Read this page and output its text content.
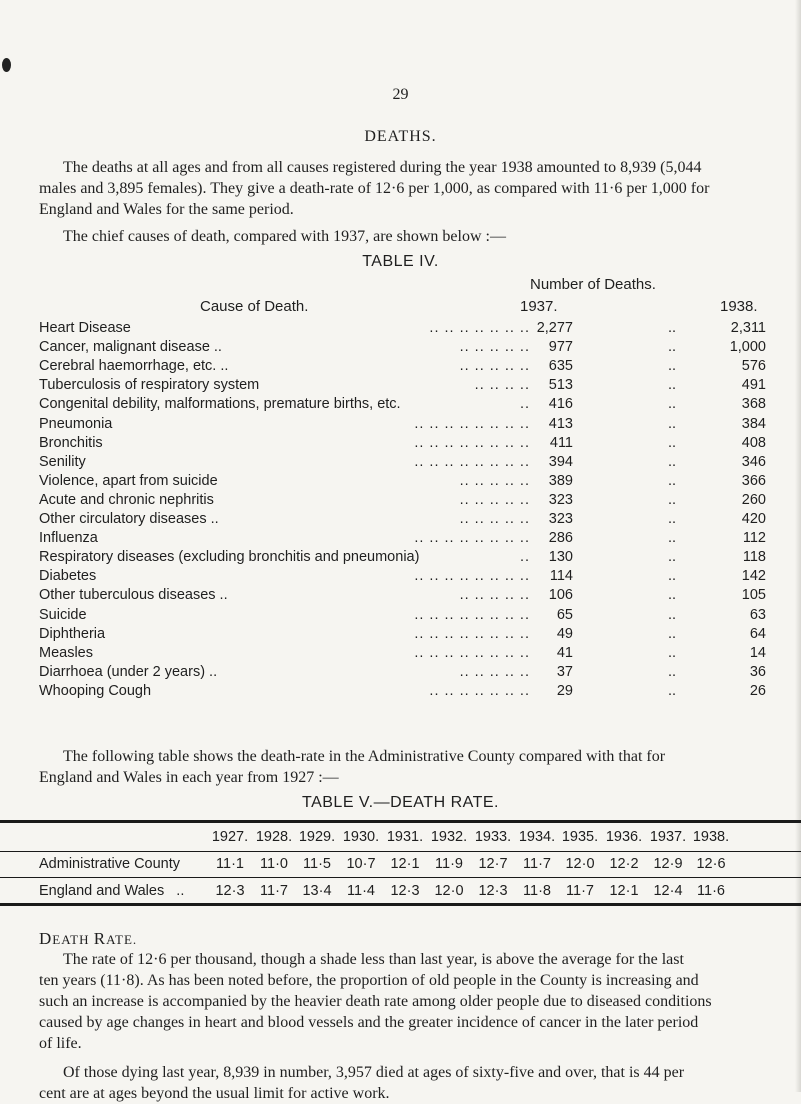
29
DEATHS.
The deaths at all ages and from all causes registered during the year 1938 amounted to 8,939 (5,044
males and 3,895 females). They give a death-rate of 12·6 per 1,000, as compared with 11·6 per 1,000 for
England and Wales for the same period.
The chief causes of death, compared with 1937, are shown below :—
TABLE IV.
Number of Deaths.
Cause of Death.	1937.	1938.
Heart Disease	.. .. .. .. .. .. .. 2,277	..	2,311
Cancer, malignant disease ..	.. .. .. .. .. 977	..	1,000
Cerebral haemorrhage, etc. ..	.. .. .. .. .. 635	..	576
Tuberculosis of respiratory system	.. .. .. .. 513	..	491
Congenital debility, malformations, premature births, etc.	.. 416	..	368
Pneumonia	.. .. .. .. .. .. .. .. 413	..	384
Bronchitis	.. .. .. .. .. .. .. .. 411	..	408
Senility	.. .. .. .. .. .. .. .. 394	..	346
Violence, apart from suicide	.. .. .. .. .. 389	..	366
Acute and chronic nephritis	.. .. .. .. .. 323	..	260
Other circulatory diseases ..	.. .. .. .. .. 323	..	420
Influenza	.. .. .. .. .. .. .. .. 286	..	112
Respiratory diseases (excluding bronchitis and pneumonia)	.. 130	..	118
Diabetes	.. .. .. .. .. .. .. .. 114	..	142
Other tuberculous diseases ..	.. .. .. .. .. 106	..	105
Suicide	.. .. .. .. .. .. .. .. 65	..	63
Diphtheria	.. .. .. .. .. .. .. .. 49	..	64
Measles	.. .. .. .. .. .. .. .. 41	..	14
Diarrhoea (under 2 years) ..	.. .. .. .. .. 37	..	36
Whooping Cough	.. .. .. .. .. .. .. 29	..	26
The following table shows the death-rate in the Administrative County compared with that for
England and Wales in each year from 1927 :—
TABLE V.—DEATH RATE.
1927. 1928. 1929. 1930. 1931. 1932. 1933. 1934. 1935. 1936. 1937. 1938.
Administrative County	11·1	11·0	11·5	10·7	12·1	11·9	12·7	11·7	12·0	12·2	12·9 12·6
England and Wales   ..	12·3	11·7	13·4	11·4	12·3	12·0	12·3	11·8	11·7	12·1	12·4	11·6
DEATH RATE.
The rate of 12·6 per thousand, though a shade less than last year, is above the average for the last
ten years (11·8). As has been noted before, the proportion of old people in the County is increasing and
such an increase is accompanied by the heavier death rate among older people due to diseased conditions
caused by age changes in heart and blood vessels and the greater incidence of cancer in the later period
of life.
Of those dying last year, 8,939 in number, 3,957 died at ages of sixty-five and over, that is 44 per
cent are at ages beyond the usual limit for active work.
